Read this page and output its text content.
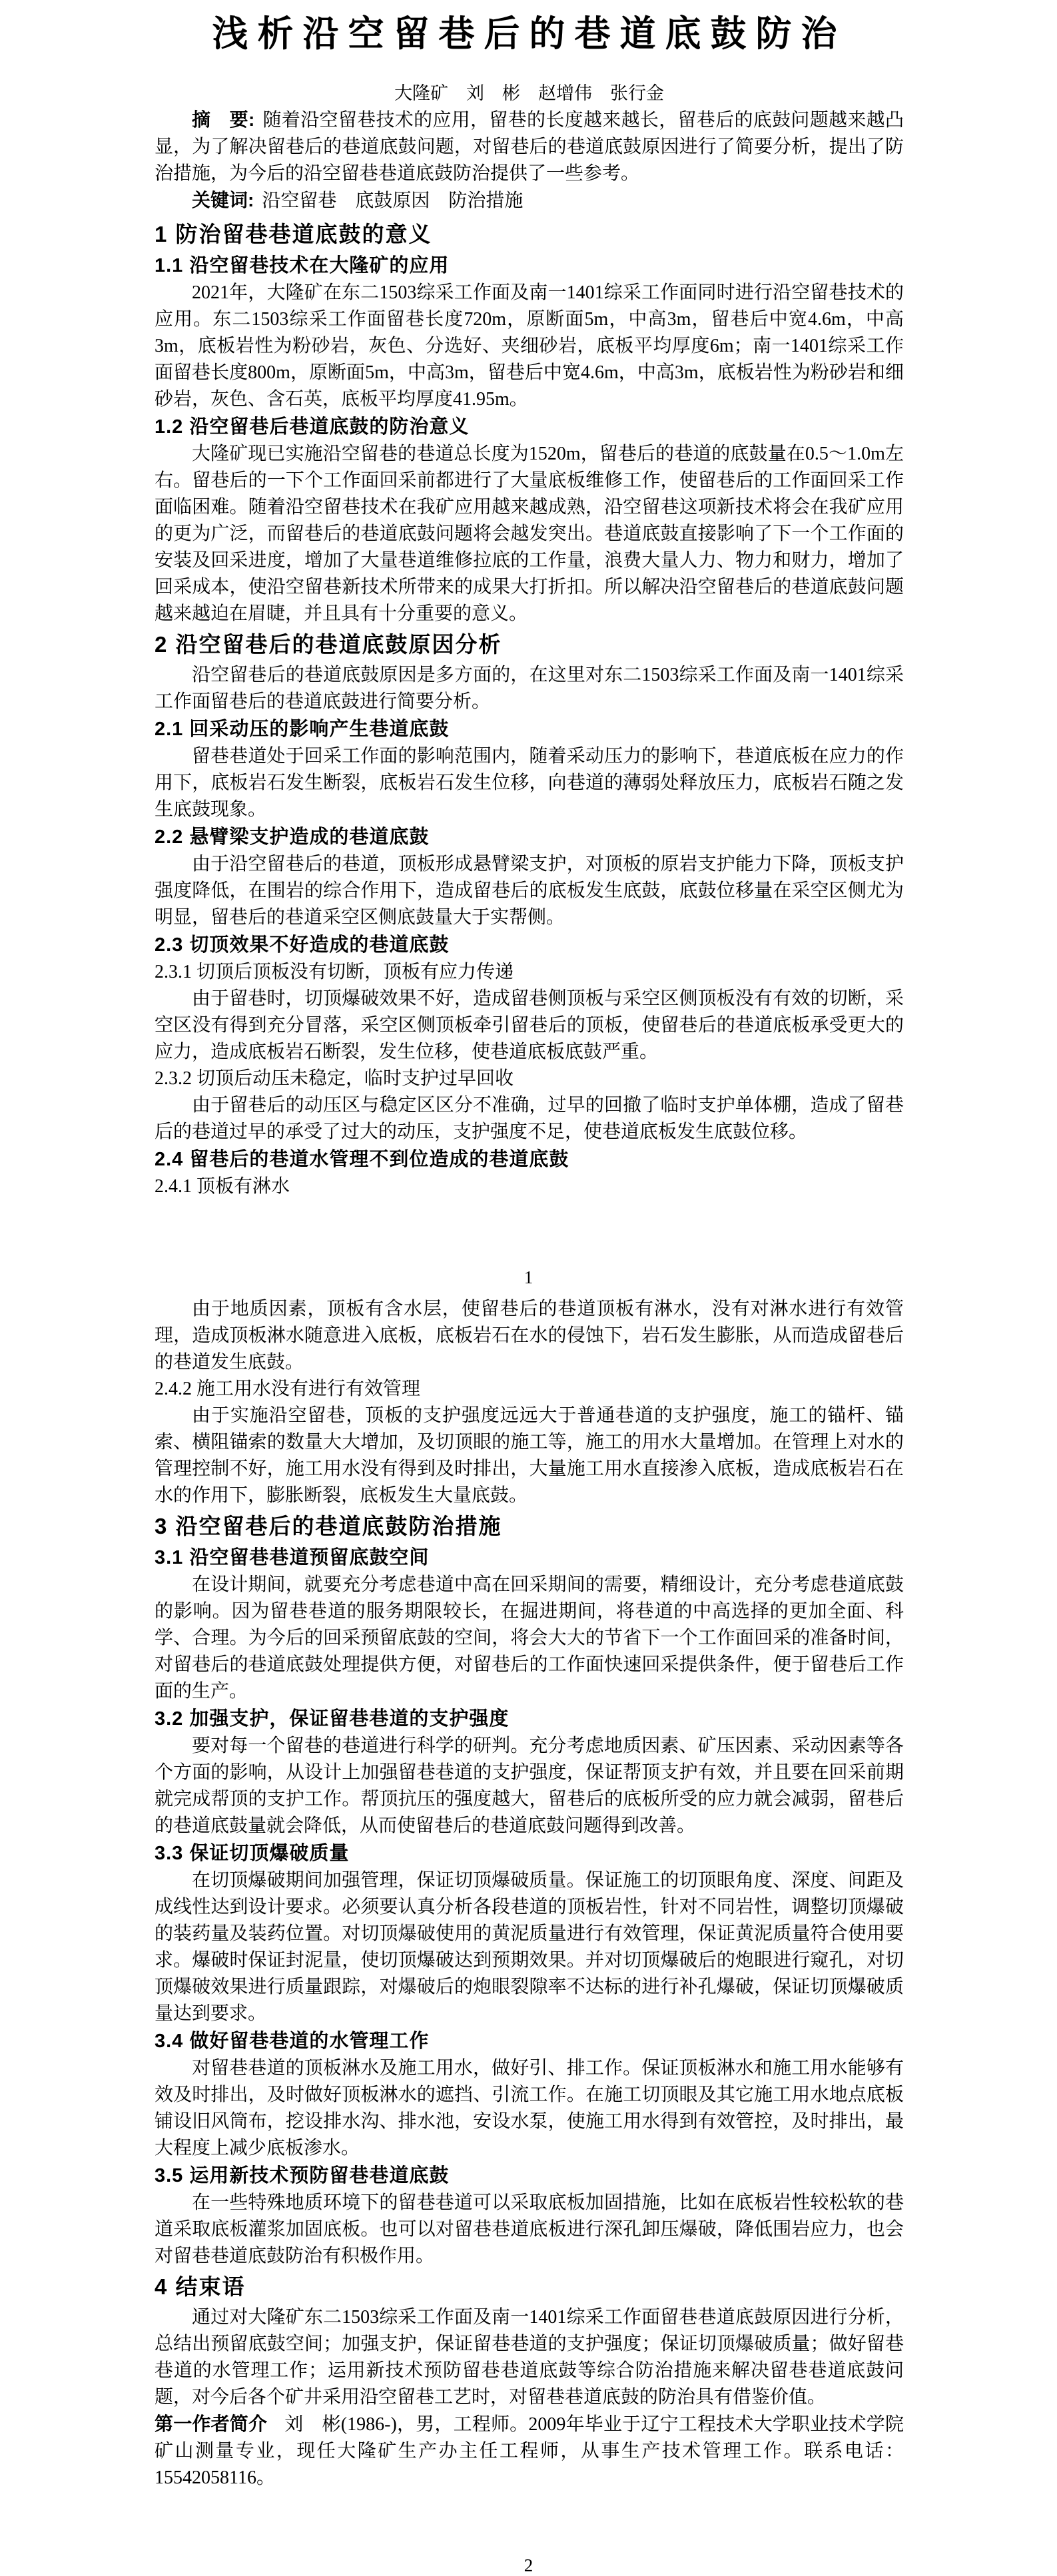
浅析沿空留巷后的巷道底鼓防治
大隆矿　刘　彬　赵增伟　张行金

摘　要: 随着沿空留巷技术的应用，留巷的长度越来越长，留巷后的底鼓问题越来越凸显，为了解决留巷后的巷道底鼓问题，对留巷后的巷道底鼓原因进行了简要分析，提出了防治措施，为今后的沿空留巷巷道底鼓防治提供了一些参考。

关键词: 沿空留巷　底鼓原因　防治措施

1 防治留巷巷道底鼓的意义
1.1 沿空留巷技术在大隆矿的应用

2021年，大隆矿在东二1503综采工作面及南一1401综采工作面同时进行沿空留巷技术的应用。东二1503综采工作面留巷长度720m，原断面5m，中高3m，留巷后中宽4.6m，中高3m，底板岩性为粉砂岩，灰色、分选好、夹细砂岩，底板平均厚度6m；南一1401综采工作面留巷长度800m，原断面5m，中高3m，留巷后中宽4.6m，中高3m，底板岩性为粉砂岩和细砂岩，灰色、含石英，底板平均厚度41.95m。

1.2 沿空留巷后巷道底鼓的防治意义

大隆矿现已实施沿空留巷的巷道总长度为1520m，留巷后的巷道的底鼓量在0.5～1.0m左右。留巷后的一下个工作面回采前都进行了大量底板维修工作，使留巷后的工作面回采工作面临困难。随着沿空留巷技术在我矿应用越来越成熟，沿空留巷这项新技术将会在我矿应用的更为广泛，而留巷后的巷道底鼓问题将会越发突出。巷道底鼓直接影响了下一个工作面的安装及回采进度，增加了大量巷道维修拉底的工作量，浪费大量人力、物力和财力，增加了回采成本，使沿空留巷新技术所带来的成果大打折扣。所以解决沿空留巷后的巷道底鼓问题越来越迫在眉睫，并且具有十分重要的意义。

2 沿空留巷后的巷道底鼓原因分析

沿空留巷后的巷道底鼓原因是多方面的，在这里对东二1503综采工作面及南一1401综采工作面留巷后的巷道底鼓进行简要分析。

2.1 回采动压的影响产生巷道底鼓

留巷巷道处于回采工作面的影响范围内，随着采动压力的影响下，巷道底板在应力的作用下，底板岩石发生断裂，底板岩石发生位移，向巷道的薄弱处释放压力，底板岩石随之发生底鼓现象。

2.2 悬臂梁支护造成的巷道底鼓

由于沿空留巷后的巷道，顶板形成悬臂梁支护，对顶板的原岩支护能力下降，顶板支护强度降低，在围岩的综合作用下，造成留巷后的底板发生底鼓，底鼓位移量在采空区侧尤为明显，留巷后的巷道采空区侧底鼓量大于实帮侧。

2.3 切顶效果不好造成的巷道底鼓
2.3.1 切顶后顶板没有切断，顶板有应力传递

由于留巷时，切顶爆破效果不好，造成留巷侧顶板与采空区侧顶板没有有效的切断，采空区没有得到充分冒落，采空区侧顶板牵引留巷后的顶板，使留巷后的巷道底板承受更大的应力，造成底板岩石断裂，发生位移，使巷道底板底鼓严重。

2.3.2 切顶后动压未稳定，临时支护过早回收

由于留巷后的动压区与稳定区区分不准确，过早的回撤了临时支护单体棚，造成了留巷后的巷道过早的承受了过大的动压，支护强度不足，使巷道底板发生底鼓位移。

2.4 留巷后的巷道水管理不到位造成的巷道底鼓
2.4.1 顶板有淋水
1

由于地质因素，顶板有含水层，使留巷后的巷道顶板有淋水，没有对淋水进行有效管理，造成顶板淋水随意进入底板，底板岩石在水的侵蚀下，岩石发生膨胀，从而造成留巷后的巷道发生底鼓。

2.4.2 施工用水没有进行有效管理

由于实施沿空留巷，顶板的支护强度远远大于普通巷道的支护强度，施工的锚杆、锚索、横阻锚索的数量大大增加，及切顶眼的施工等，施工的用水大量增加。在管理上对水的管理控制不好，施工用水没有得到及时排出，大量施工用水直接渗入底板，造成底板岩石在水的作用下，膨胀断裂，底板发生大量底鼓。

3 沿空留巷后的巷道底鼓防治措施
3.1 沿空留巷巷道预留底鼓空间

在设计期间，就要充分考虑巷道中高在回采期间的需要，精细设计，充分考虑巷道底鼓的影响。因为留巷巷道的服务期限较长，在掘进期间，将巷道的中高选择的更加全面、科学、合理。为今后的回采预留底鼓的空间，将会大大的节省下一个工作面回采的准备时间，对留巷后的巷道底鼓处理提供方便，对留巷后的工作面快速回采提供条件，便于留巷后工作面的生产。

3.2 加强支护，保证留巷巷道的支护强度

要对每一个留巷的巷道进行科学的研判。充分考虑地质因素、矿压因素、采动因素等各个方面的影响，从设计上加强留巷巷道的支护强度，保证帮顶支护有效，并且要在回采前期就完成帮顶的支护工作。帮顶抗压的强度越大，留巷后的底板所受的应力就会减弱，留巷后的巷道底鼓量就会降低，从而使留巷后的巷道底鼓问题得到改善。

3.3 保证切顶爆破质量

在切顶爆破期间加强管理，保证切顶爆破质量。保证施工的切顶眼角度、深度、间距及成线性达到设计要求。必须要认真分析各段巷道的顶板岩性，针对不同岩性，调整切顶爆破的装药量及装药位置。对切顶爆破使用的黄泥质量进行有效管理，保证黄泥质量符合使用要求。爆破时保证封泥量，使切顶爆破达到预期效果。并对切顶爆破后的炮眼进行窥孔，对切顶爆破效果进行质量跟踪，对爆破后的炮眼裂隙率不达标的进行补孔爆破，保证切顶爆破质量达到要求。

3.4 做好留巷巷道的水管理工作

对留巷巷道的顶板淋水及施工用水，做好引、排工作。保证顶板淋水和施工用水能够有效及时排出，及时做好顶板淋水的遮挡、引流工作。在施工切顶眼及其它施工用水地点底板铺设旧风筒布，挖设排水沟、排水池，安设水泵，使施工用水得到有效管控，及时排出，最大程度上减少底板渗水。

3.5 运用新技术预防留巷巷道底鼓

在一些特殊地质环境下的留巷巷道可以采取底板加固措施，比如在底板岩性较松软的巷道采取底板灌浆加固底板。也可以对留巷巷道底板进行深孔卸压爆破，降低围岩应力，也会对留巷巷道底鼓防治有积极作用。

4 结束语

通过对大隆矿东二1503综采工作面及南一1401综采工作面留巷巷道底鼓原因进行分析，总结出预留底鼓空间；加强支护，保证留巷巷道的支护强度；保证切顶爆破质量；做好留巷巷道的水管理工作；运用新技术预防留巷巷道底鼓等综合防治措施来解决留巷巷道底鼓问题，对今后各个矿井采用沿空留巷工艺时，对留巷巷道底鼓的防治具有借鉴价值。

第一作者简介 刘　彬(1986-)，男，工程师。2009年毕业于辽宁工程技术大学职业技术学院矿山测量专业，现任大隆矿生产办主任工程师，从事生产技术管理工作。联系电话：15542058116。

2
